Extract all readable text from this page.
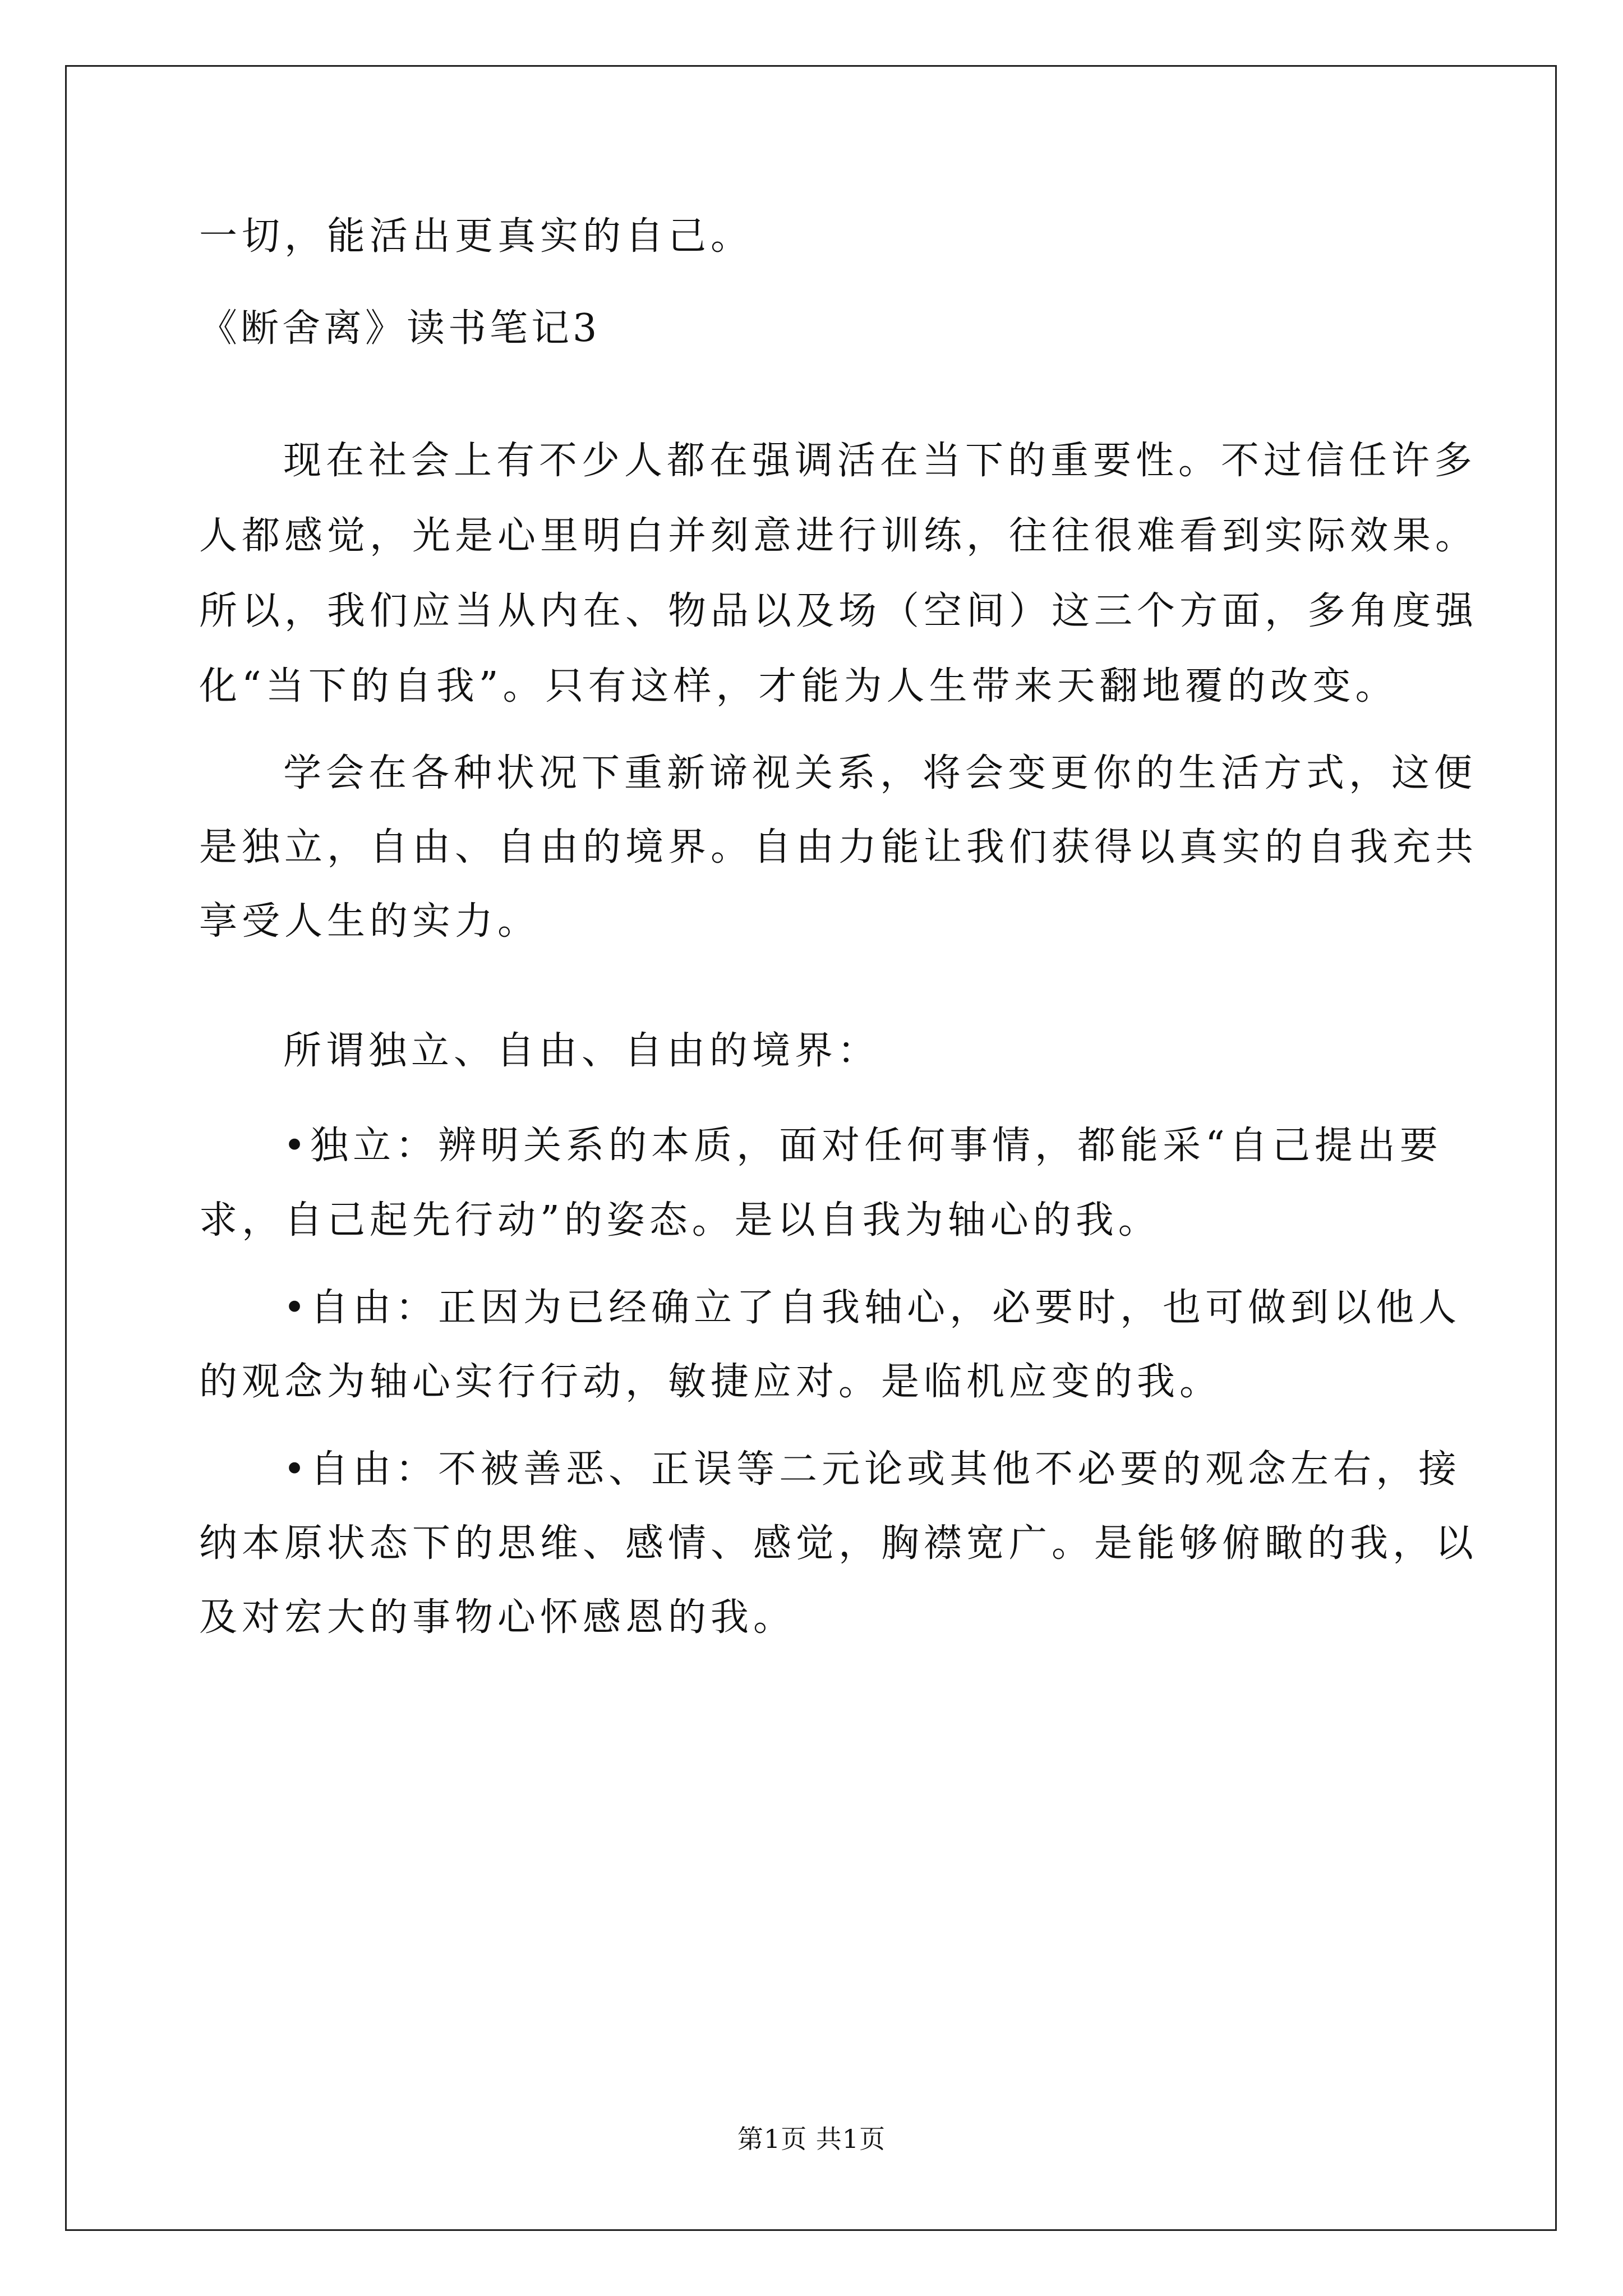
一切，能活出更真实的自己。
《断舍离》读书笔记3
现在社会上有不少人都在强调活在当下的重要性。不过信任许多
人都感觉，光是心里明白并刻意进行训练，往往很难看到实际效果。
所以，我们应当从内在、物品以及场（空间）这三个方面，多角度强
化“当下的自我”。只有这样，才能为人生带来天翻地覆的改变。
学会在各种状况下重新谛视关系，将会变更你的生活方式，这便
是独立，自由、自由的境界。自由力能让我们获得以真实的自我充共
享受人生的实力。
所谓独立、自由、自由的境界：
•独立：辨明关系的本质，面对任何事情，都能采“自己提出要
求，自己起先行动”的姿态。是以自我为轴心的我。
•自由：正因为已经确立了自我轴心，必要时，也可做到以他人
的观念为轴心实行行动，敏捷应对。是临机应变的我。
•自由：不被善恶、正误等二元论或其他不必要的观念左右，接
纳本原状态下的思维、感情、感觉，胸襟宽广。是能够俯瞰的我，以
及对宏大的事物心怀感恩的我。
第1页 共1页
